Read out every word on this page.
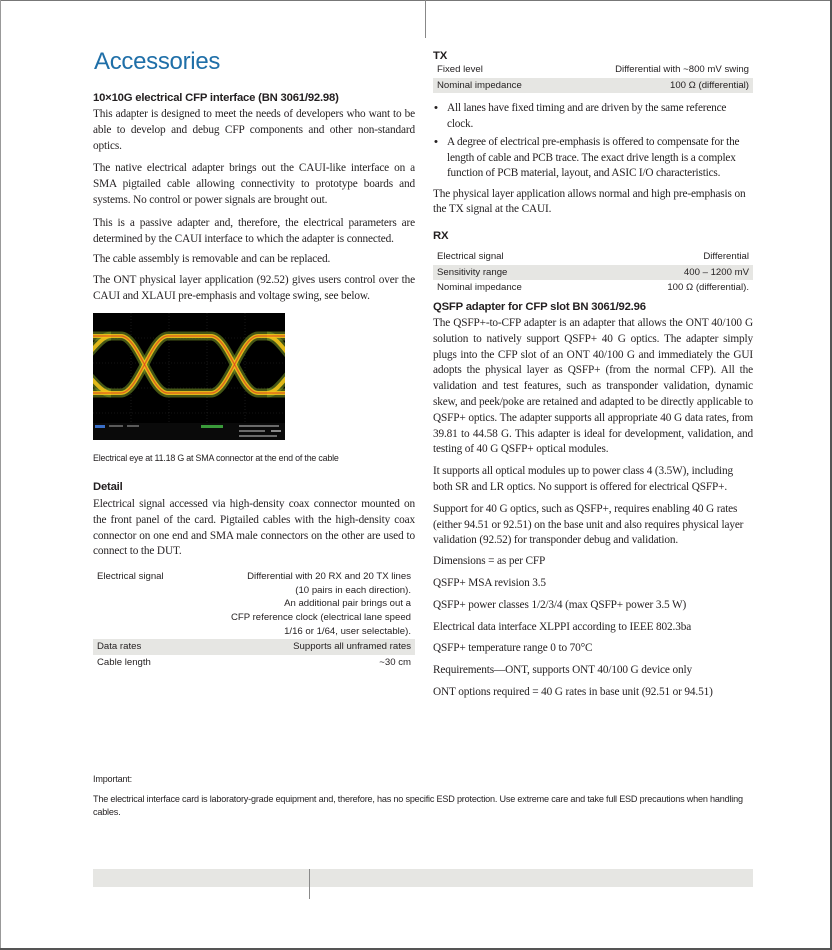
Accessories
10×10G electrical CFP interface (BN 3061/92.98)

This adapter is designed to meet the needs of developers who want to be able to develop and debug CFP components and other non-standard optics.

The native electrical adapter brings out the CAUI-like interface on a SMA pigtailed cable allowing connectivity to prototype boards and systems. No control or power signals are brought out.

This is a passive adapter and, therefore, the electrical parameters are determined by the CAUI interface to which the adapter is connected.

The cable assembly is removable and can be replaced.

The ONT physical layer application (92.52) gives users control over the CAUI and XLAUI pre-emphasis and voltage swing, see below.

Electrical eye at 11.18 G at SMA connector at the end of the cable

Detail

Electrical signal accessed via high-density coax connector mounted on the front panel of the card. Pigtailed cables with the high-density coax connector on one end and SMA male connectors on the other are used to connect to the DUT.

Electrical signal	Differential with 20 RX and 20 TX lines
(10 pairs in each direction).
An additional pair brings out a
CFP reference clock (electrical lane speed
1/16 or 1/64, user selectable).

Data rates	Supports all unframed rates
Cable length	~30 cm
TX
Fixed level	Differential with ~800 mV swing
Nominal impedance	100 Ω (differential)
• All lanes have fixed timing and are driven by the same reference clock.
• A degree of electrical pre-emphasis is offered to compensate for the length of cable and PCB trace. The exact drive length is a complex function of PCB material, layout, and ASIC I/O characteristics.

The physical layer application allows normal and high pre-emphasis on the TX signal at the CAUI.

RX
Electrical signal	Differential
Sensitivity range	400 – 1200 mV
Nominal impedance	100 Ω (differential).
QSFP adapter for CFP slot BN 3061/92.96

The QSFP+-to-CFP adapter is an adapter that allows the ONT 40/100 G solution to natively support QSFP+ 40 G optics. The adapter simply plugs into the CFP slot of an ONT 40/100 G and immediately the GUI adopts the physical layer as QSFP+ (from the normal CFP). All the validation and test features, such as transponder validation, dynamic skew, and peek/poke are retained and adapted to be directly applicable to QSFP+ optics. The adapter supports all appropriate 40 G data rates, from 39.81 to 44.58 G. This adapter is ideal for development, validation, and testing of 40 G QSFP+ optical modules.

It supports all optical modules up to power class 4 (3.5W), including both SR and LR optics. No support is offered for electrical QSFP+.

Support for 40 G optics, such as QSFP+, requires enabling 40 G rates (either 94.51 or 92.51) on the base unit and also requires physical layer validation (92.52) for transponder debug and validation.

Dimensions = as per CFP

QSFP+ MSA revision 3.5

QSFP+ power classes 1/2/3/4 (max QSFP+ power 3.5 W)

Electrical data interface XLPPI according to IEEE 802.3ba

QSFP+ temperature range 0 to 70°C

Requirements—ONT, supports ONT 40/100 G device only

ONT options required = 40 G rates in base unit (92.51 or 94.51)

Important:

The electrical interface card is laboratory-grade equipment and, therefore, has no specific ESD protection. Use extreme care and take full ESD precautions when handling cables.
